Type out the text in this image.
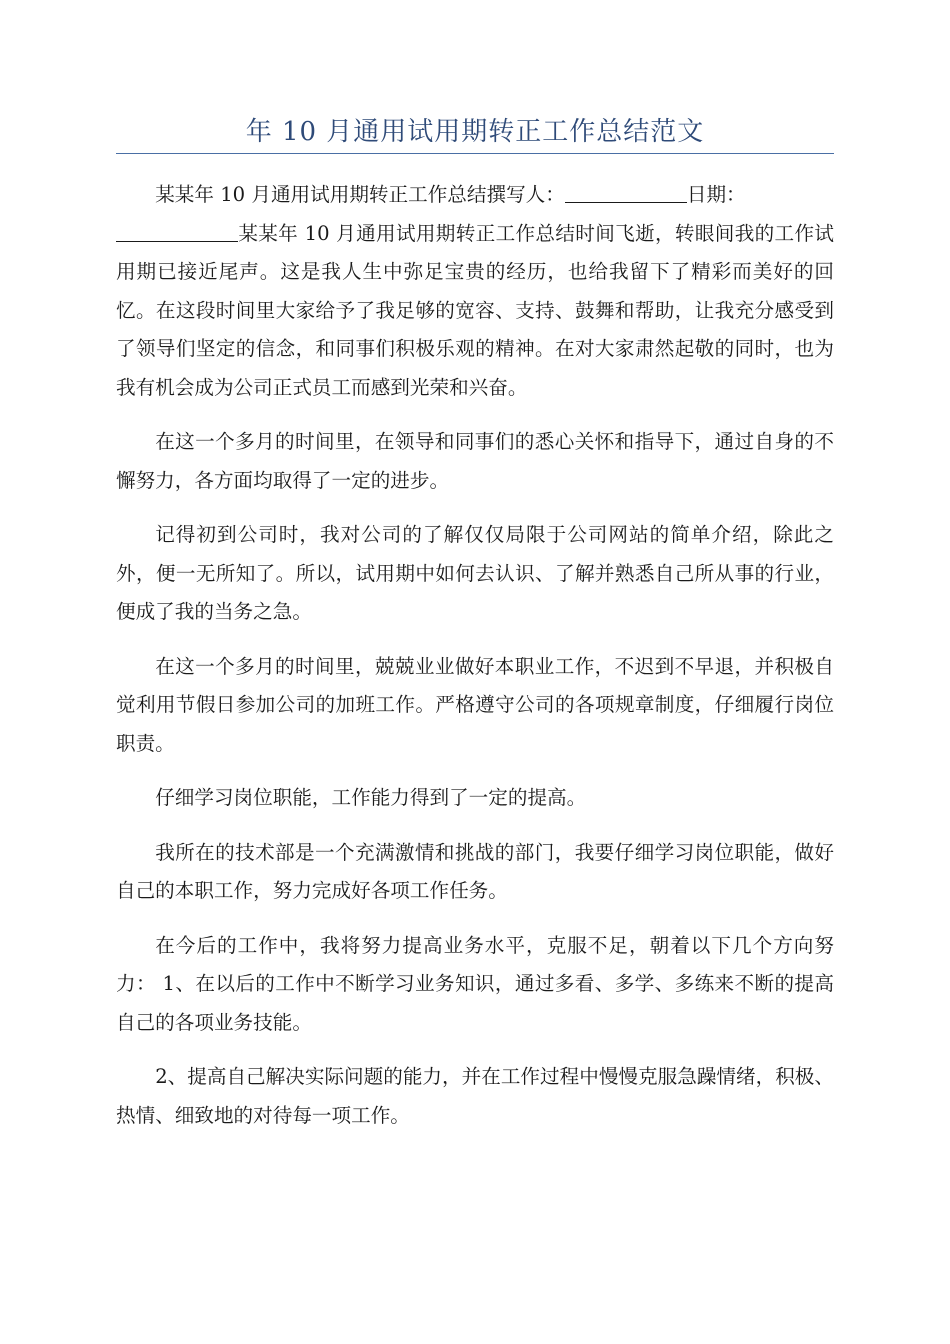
年 10 月通用试用期转正工作总结范文

某某年 10 月通用试用期转正工作总结撰写人：	日期：
某某年 10 月通用试用期转正工作总结时间飞逝，转眼间我的工作试用期已接近尾声。这是我人生中弥足宝贵的经历，也给我留下了精彩而美好的回忆。在这段时间里大家给予了我足够的宽容、支持、鼓舞和帮助，让我充分感受到了领导们坚定的信念，和同事们积极乐观的精神。在对大家肃然起敬的同时，也为我有机会成为公司正式员工而感到光荣和兴奋。

在这一个多月的时间里，在领导和同事们的悉心关怀和指导下，通过自身的不懈努力，各方面均取得了一定的进步。

记得初到公司时，我对公司的了解仅仅局限于公司网站的简单介绍，除此之外，便一无所知了。所以，试用期中如何去认识、了解并熟悉自己所从事的行业，便成了我的当务之急。

在这一个多月的时间里，兢兢业业做好本职业工作，不迟到不早退，并积极自觉利用节假日参加公司的加班工作。严格遵守公司的各项规章制度，仔细履行岗位职责。

仔细学习岗位职能，工作能力得到了一定的提高。

我所在的技术部是一个充满激情和挑战的部门，我要仔细学习岗位职能，做好自己的本职工作，努力完成好各项工作任务。

在今后的工作中，我将努力提高业务水平，克服不足，朝着以下几个方向努力： 1、在以后的工作中不断学习业务知识，通过多看、多学、多练来不断的提高自己的各项业务技能。

2、提高自己解决实际问题的能力，并在工作过程中慢慢克服急躁情绪，积极、热情、细致地的对待每一项工作。
